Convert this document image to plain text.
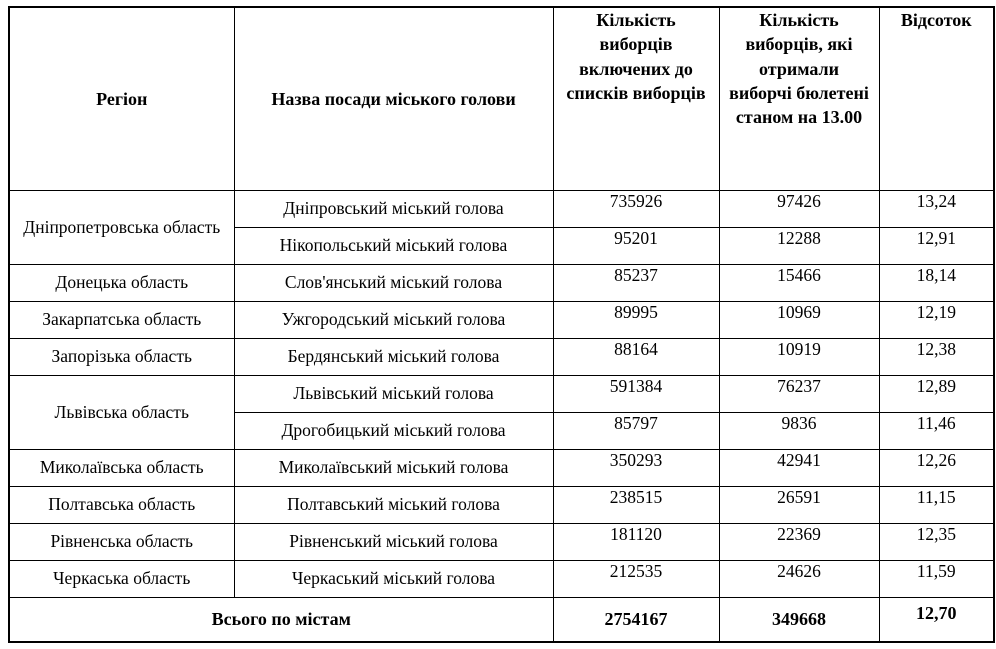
Регіон	Назва посади міського голови	Кількість виборців включених до списків виборців	Кількість виборців, які отримали виборчі бюлетені станом на 13.00	Відсоток
Дніпропетровська область	Дніпровський міський голова	735926	97426	13,24
	Нікопольський міський голова	95201	12288	12,91
Донецька область	Слов'янський міський голова	85237	15466	18,14
Закарпатська область	Ужгородський міський голова	89995	10969	12,19
Запорізька область	Бердянський міський голова	88164	10919	12,38
Львівська область	Львівський міський голова	591384	76237	12,89
	Дрогобицький міський голова	85797	9836	11,46
Миколаївська область	Миколаївський міський голова	350293	42941	12,26
Полтавська область	Полтавський міський голова	238515	26591	11,15
Рівненська область	Рівненський міський голова	181120	22369	12,35
Черкаська область	Черкаський міський голова	212535	24626	11,59
Всього по містам		2754167	349668	12,70
